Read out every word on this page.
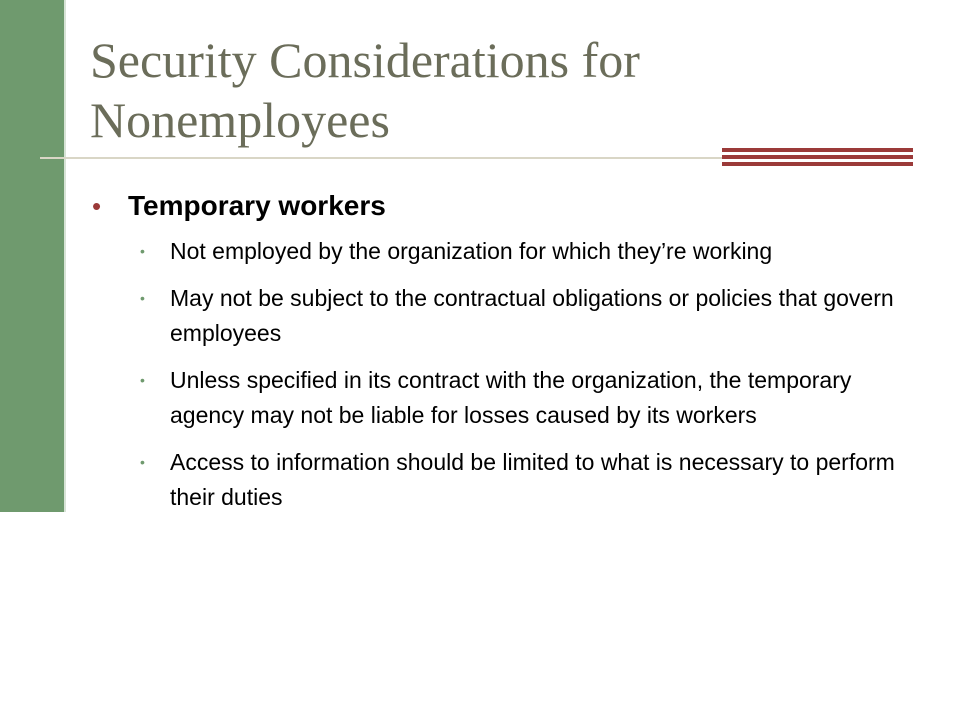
Security Considerations for
Nonemployees
• Temporary workers
• Not employed by the organization for which they’re working
• May not be subject to the contractual obligations or policies that govern employees
• Unless specified in its contract with the organization, the temporary agency may not be liable for losses caused by its workers
• Access to information should be limited to what is necessary to perform their duties
